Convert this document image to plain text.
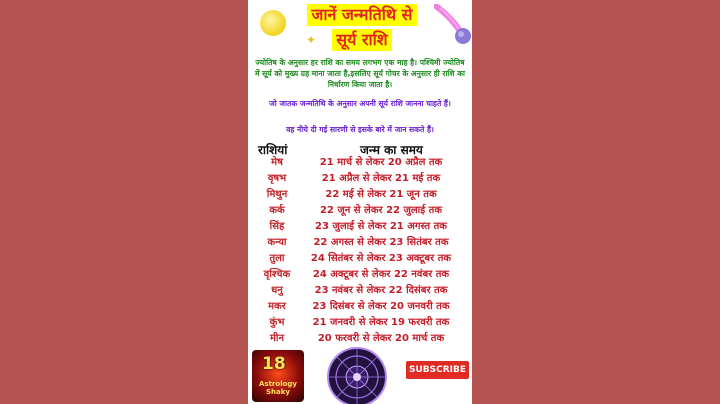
✦
जानें जन्मतिथि से
सूर्य राशि
ज्योतिष के अनुसार हर राशि का समय लगभग एक माह है। पश्चिमी ज्योतिष में सूर्य को मुख्य ग्रह माना जाता है,इसलिए सूर्य गोचर के अनुसार ही राशि का निर्धारण किया जाता है।
जो जातक जन्मतिथि के अनुसार अपनी सूर्य राशि जानना चाहते हैं।
वह नीचे दी गई सारणी से इसके बारे में जान सकते हैं।
राशियां	जन्म का समय
मेष	21 मार्च से लेकर 20 अप्रैल तक
वृषभ	21 अप्रैल से लेकर 21 मई तक
मिथुन	22 मई से लेकर 21 जून तक
कर्क	22 जून से लेकर 22 जुलाई तक
सिंह	23 जुलाई से लेकर 21 अगस्त तक
कन्या	22 अगस्त से लेकर 23 सितंबर तक
तुला	24 सितंबर से लेकर 23 अक्टूबर तक
वृश्चिक	24 अक्टूबर से लेकर 22 नवंबर तक
धनु	23 नवंबर से लेकर 22 दिसंबर तक
मकर	23 दिसंबर से लेकर 20 जनवरी तक
कुंभ	21 जनवरी से लेकर 19 फरवरी तक
मीन	20 फरवरी से लेकर 20 मार्च तक
18
Astrology Shaky
SUBSCRIBE
